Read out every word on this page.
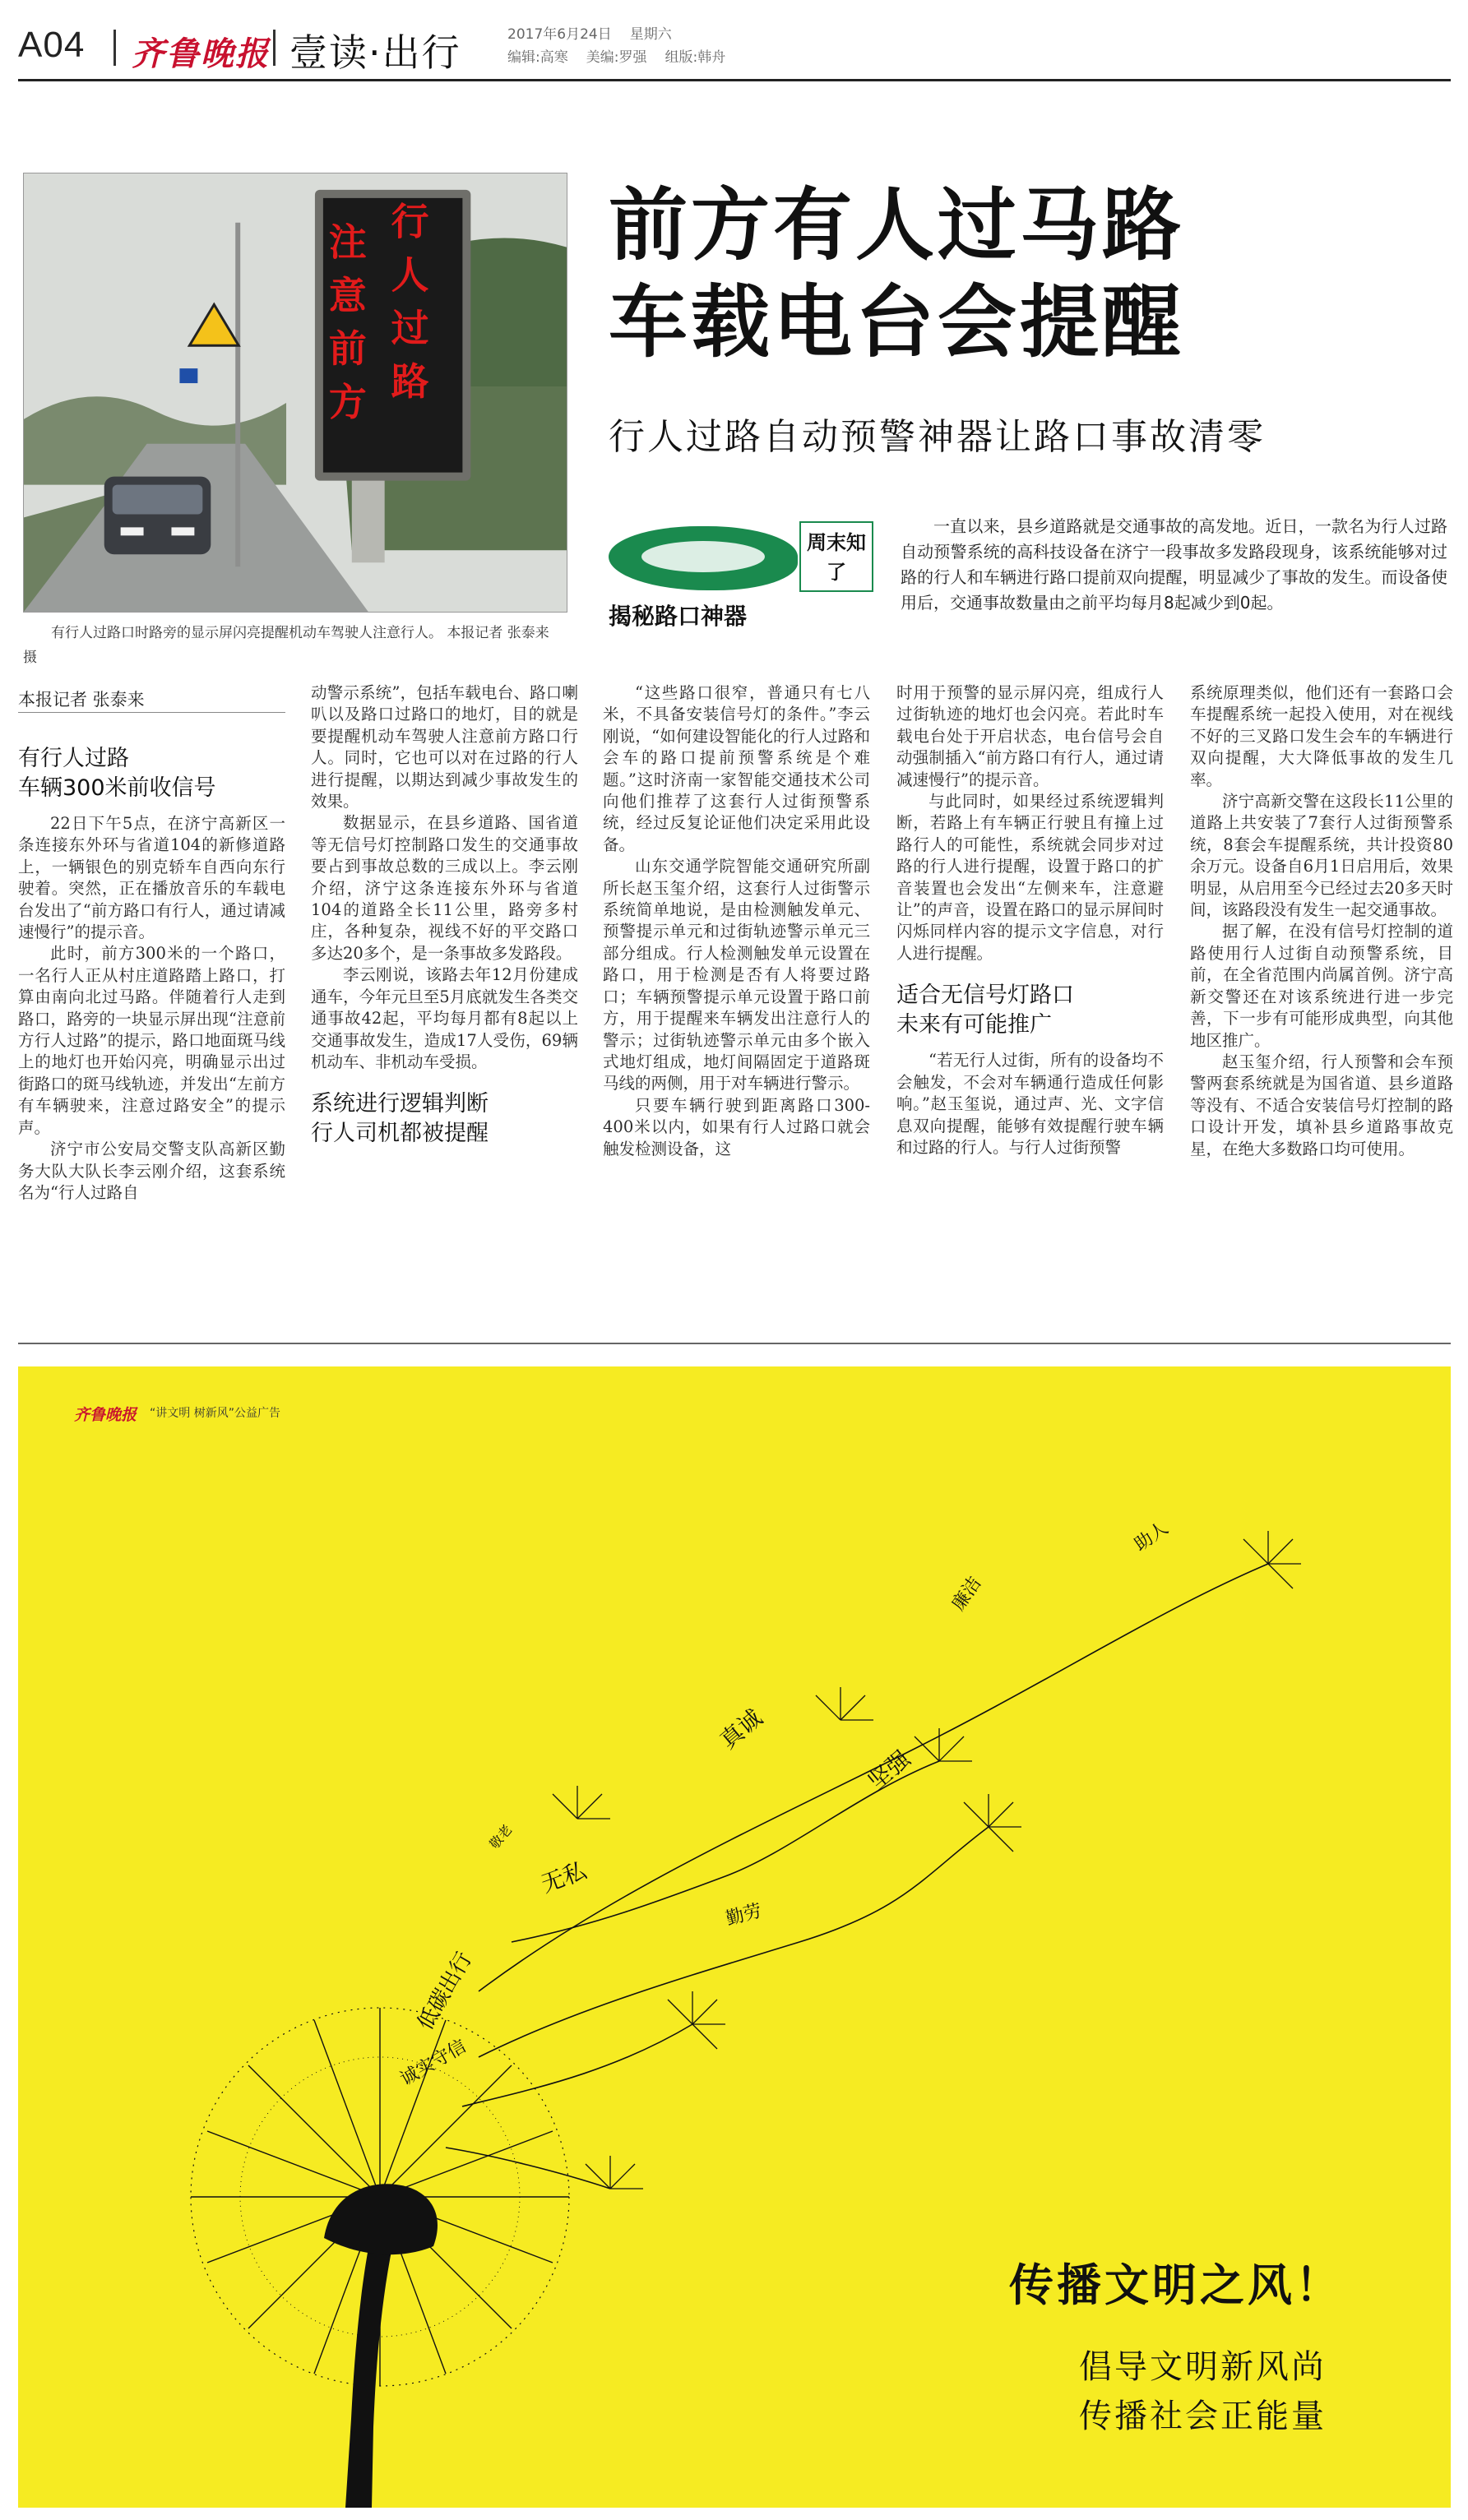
A04 齐鲁晚报 壹读·出行	2017年6月24日 星期六
编辑:高寒 美编:罗强 组版:韩舟
注
意
前
方
行
人
过
路
有行人过路口时路旁的显示屏闪亮提醒机动车驾驶人注意行人。 本报记者 张泰来 摄
前方有人过马路
车载电台会提醒
行人过路自动预警神器让路口事故清零
周末知了
揭秘路口神器
一直以来，县乡道路就是交通事故的高发地。近日，一款名为行人过路自动预警系统的高科技设备在济宁一段事故多发路段现身，该系统能够对过路的行人和车辆进行路口提前双向提醒，明显减少了事故的发生。而设备使用后，交通事故数量由之前平均每月8起减少到0起。
本报记者 张泰来
有行人过路
车辆300米前收信号

22日下午5点，在济宁高新区一条连接东外环与省道104的新修道路上，一辆银色的别克轿车自西向东行驶着。突然，正在播放音乐的车载电台发出了“前方路口有行人，通过请减速慢行”的提示音。

此时，前方300米的一个路口，一名行人正从村庄道路踏上路口，打算由南向北过马路。伴随着行人走到路口，路旁的一块显示屏出现“注意前方行人过路”的提示，路口地面斑马线上的地灯也开始闪亮，明确显示出过街路口的斑马线轨迹，并发出“左前方有车辆驶来，注意过路安全”的提示声。

济宁市公安局交警支队高新区勤务大队大队长李云刚介绍，这套系统名为“行人过路自

动警示系统”，包括车载电台、路口喇叭以及路口过路口的地灯，目的就是要提醒机动车驾驶人注意前方路口行人。同时，它也可以对在过路的行人进行提醒，以期达到减少事故发生的效果。

数据显示，在县乡道路、国省道等无信号灯控制路口发生的交通事故要占到事故总数的三成以上。李云刚介绍，济宁这条连接东外环与省道104的道路全长11公里，路旁多村庄，各种复杂，视线不好的平交路口多达20多个，是一条事故多发路段。

李云刚说，该路去年12月份建成通车，今年元旦至5月底就发生各类交通事故42起，平均每月都有8起以上交通事故发生，造成17人受伤，69辆机动车、非机动车受损。

系统进行逻辑判断
行人司机都被提醒

“这些路口很窄，普通只有七八米，不具备安装信号灯的条件。”李云刚说，“如何建设智能化的行人过路和会车的路口提前预警系统是个难题。”这时济南一家智能交通技术公司向他们推荐了这套行人过街预警系统，经过反复论证他们决定采用此设备。

山东交通学院智能交通研究所副所长赵玉玺介绍，这套行人过街警示系统简单地说，是由检测触发单元、预警提示单元和过街轨迹警示单元三部分组成。行人检测触发单元设置在路口，用于检测是否有人将要过路口；车辆预警提示单元设置于路口前方，用于提醒来车辆发出注意行人的警示；过街轨迹警示单元由多个嵌入式地灯组成，地灯间隔固定于道路斑马线的两侧，用于对车辆进行警示。

只要车辆行驶到距离路口300-400米以内，如果有行人过路口就会触发检测设备，这

时用于预警的显示屏闪亮，组成行人过街轨迹的地灯也会闪亮。若此时车载电台处于开启状态，电台信号会自动强制插入“前方路口有行人，通过请减速慢行”的提示音。

与此同时，如果经过系统逻辑判断，若路上有车辆正行驶且有撞上过路行人的可能性，系统就会同步对过路的行人进行提醒，设置于路口的扩音装置也会发出“左侧来车，注意避让”的声音，设置在路口的显示屏间时闪烁同样内容的提示文字信息，对行人进行提醒。

适合无信号灯路口
未来有可能推广

“若无行人过街，所有的设备均不会触发，不会对车辆通行造成任何影响。”赵玉玺说，通过声、光、文字信息双向提醒，能够有效提醒行驶车辆和过路的行人。与行人过街预警

系统原理类似，他们还有一套路口会车提醒系统一起投入使用，对在视线不好的三叉路口发生会车的车辆进行双向提醒，大大降低事故的发生几率。

济宁高新交警在这段长11公里的道路上共安装了7套行人过街预警系统，8套会车提醒系统，共计投资80余万元。设备自6月1日启用后，效果明显，从启用至今已经过去20多天时间，该路段没有发生一起交通事故。

据了解，在没有信号灯控制的道路使用行人过街自动预警系统，目前，在全省范围内尚属首例。济宁高新交警还在对该系统进行进一步完善，下一步有可能形成典型，向其他地区推广。

赵玉玺介绍，行人预警和会车预警两套系统就是为国省道、县乡道路等没有、不适合安装信号灯控制的路口设计开发，填补县乡道路事故克星，在绝大多数路口均可使用。

齐鲁晚报 “讲文明 树新风”公益广告
助人
廉洁
真诚
坚强
敬老
无私
勤劳
低碳出行
诚实守信
传播文明之风！
倡导文明新风尚
传播社会正能量
